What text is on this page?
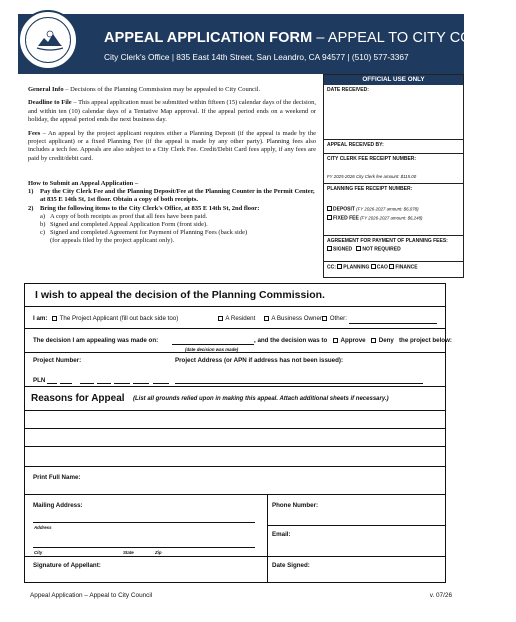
APPEAL APPLICATION FORM – APPEAL TO CITY COUNCIL
City Clerk's Office | 835 East 14th Street, San Leandro, CA 94577 | (510) 577-3367

General Info – Decisions of the Planning Commission may be appealed to City Council.

Deadline to File – This appeal application must be submitted within fifteen (15) calendar days of the decision, and within ten (10) calendar days of a Tentative Map approval. If the appeal period ends on a weekend or holiday, the appeal period ends the next business day.

Fees – An appeal by the project applicant requires either a Planning Deposit (if the appeal is made by the project applicant) or a fixed Planning Fee (if the appeal is made by any other party). Planning fees also includes a tech fee. Appeals are also subject to a City Clerk Fee. Credit/Debit Card fees apply, if any fees are paid by credit/debit card.

How to Submit an Appeal Application –
1)	Pay the City Clerk Fee and the Planning Deposit/Fee at the Planning Counter in the Permit Center, at 835 E 14th St, 1st floor. Obtain a copy of both receipts.
2)	Bring the following items to the City Clerk's Office, at 835 E 14th St, 2nd floor:
a) A copy of both receipts as proof that all fees have been paid.
b) Signed and completed Appeal Application Form (front side).
c) Signed and completed Agreement for Payment of Planning Fees (back side)
(for appeals filed by the project applicant only).
OFFICIAL USE ONLY
DATE RECEIVED:
APPEAL RECEIVED BY:
CITY CLERK FEE RECEIPT NUMBER:
FY 2025-2026 City Clerk fee amount: $115.00
PLANNING FEE RECEIPT NUMBER:
DEPOSIT (FY 2026-2027 amount: $6,078)
FIXED FEE (FY 2026-2027 amount: $6,248)
AGREEMENT FOR PAYMENT OF PLANNING FEES:
SIGNED NOT REQUIRED
CC: PLANNING CAO FINANCE
I wish to appeal the decision of the Planning Commission.
I am:	The Project Applicant (fill out back side too)	A Resident	A Business Owner	Other:
The decision I am appealing was made on:
(date decision was made)
, and the decision was to	Approve	Deny the project below:
Project Number:	Project Address (or APN if address has not been issued):
PLN
Reasons for Appeal (List all grounds relied upon in making this appeal. Attach additional sheets if necessary.)
Print Full Name:
Mailing Address:
Address
City	State	Zip
Phone Number:
Email:
Signature of Appellant:	Date Signed:
Appeal Application – Appeal to City Council	v. 07/26
